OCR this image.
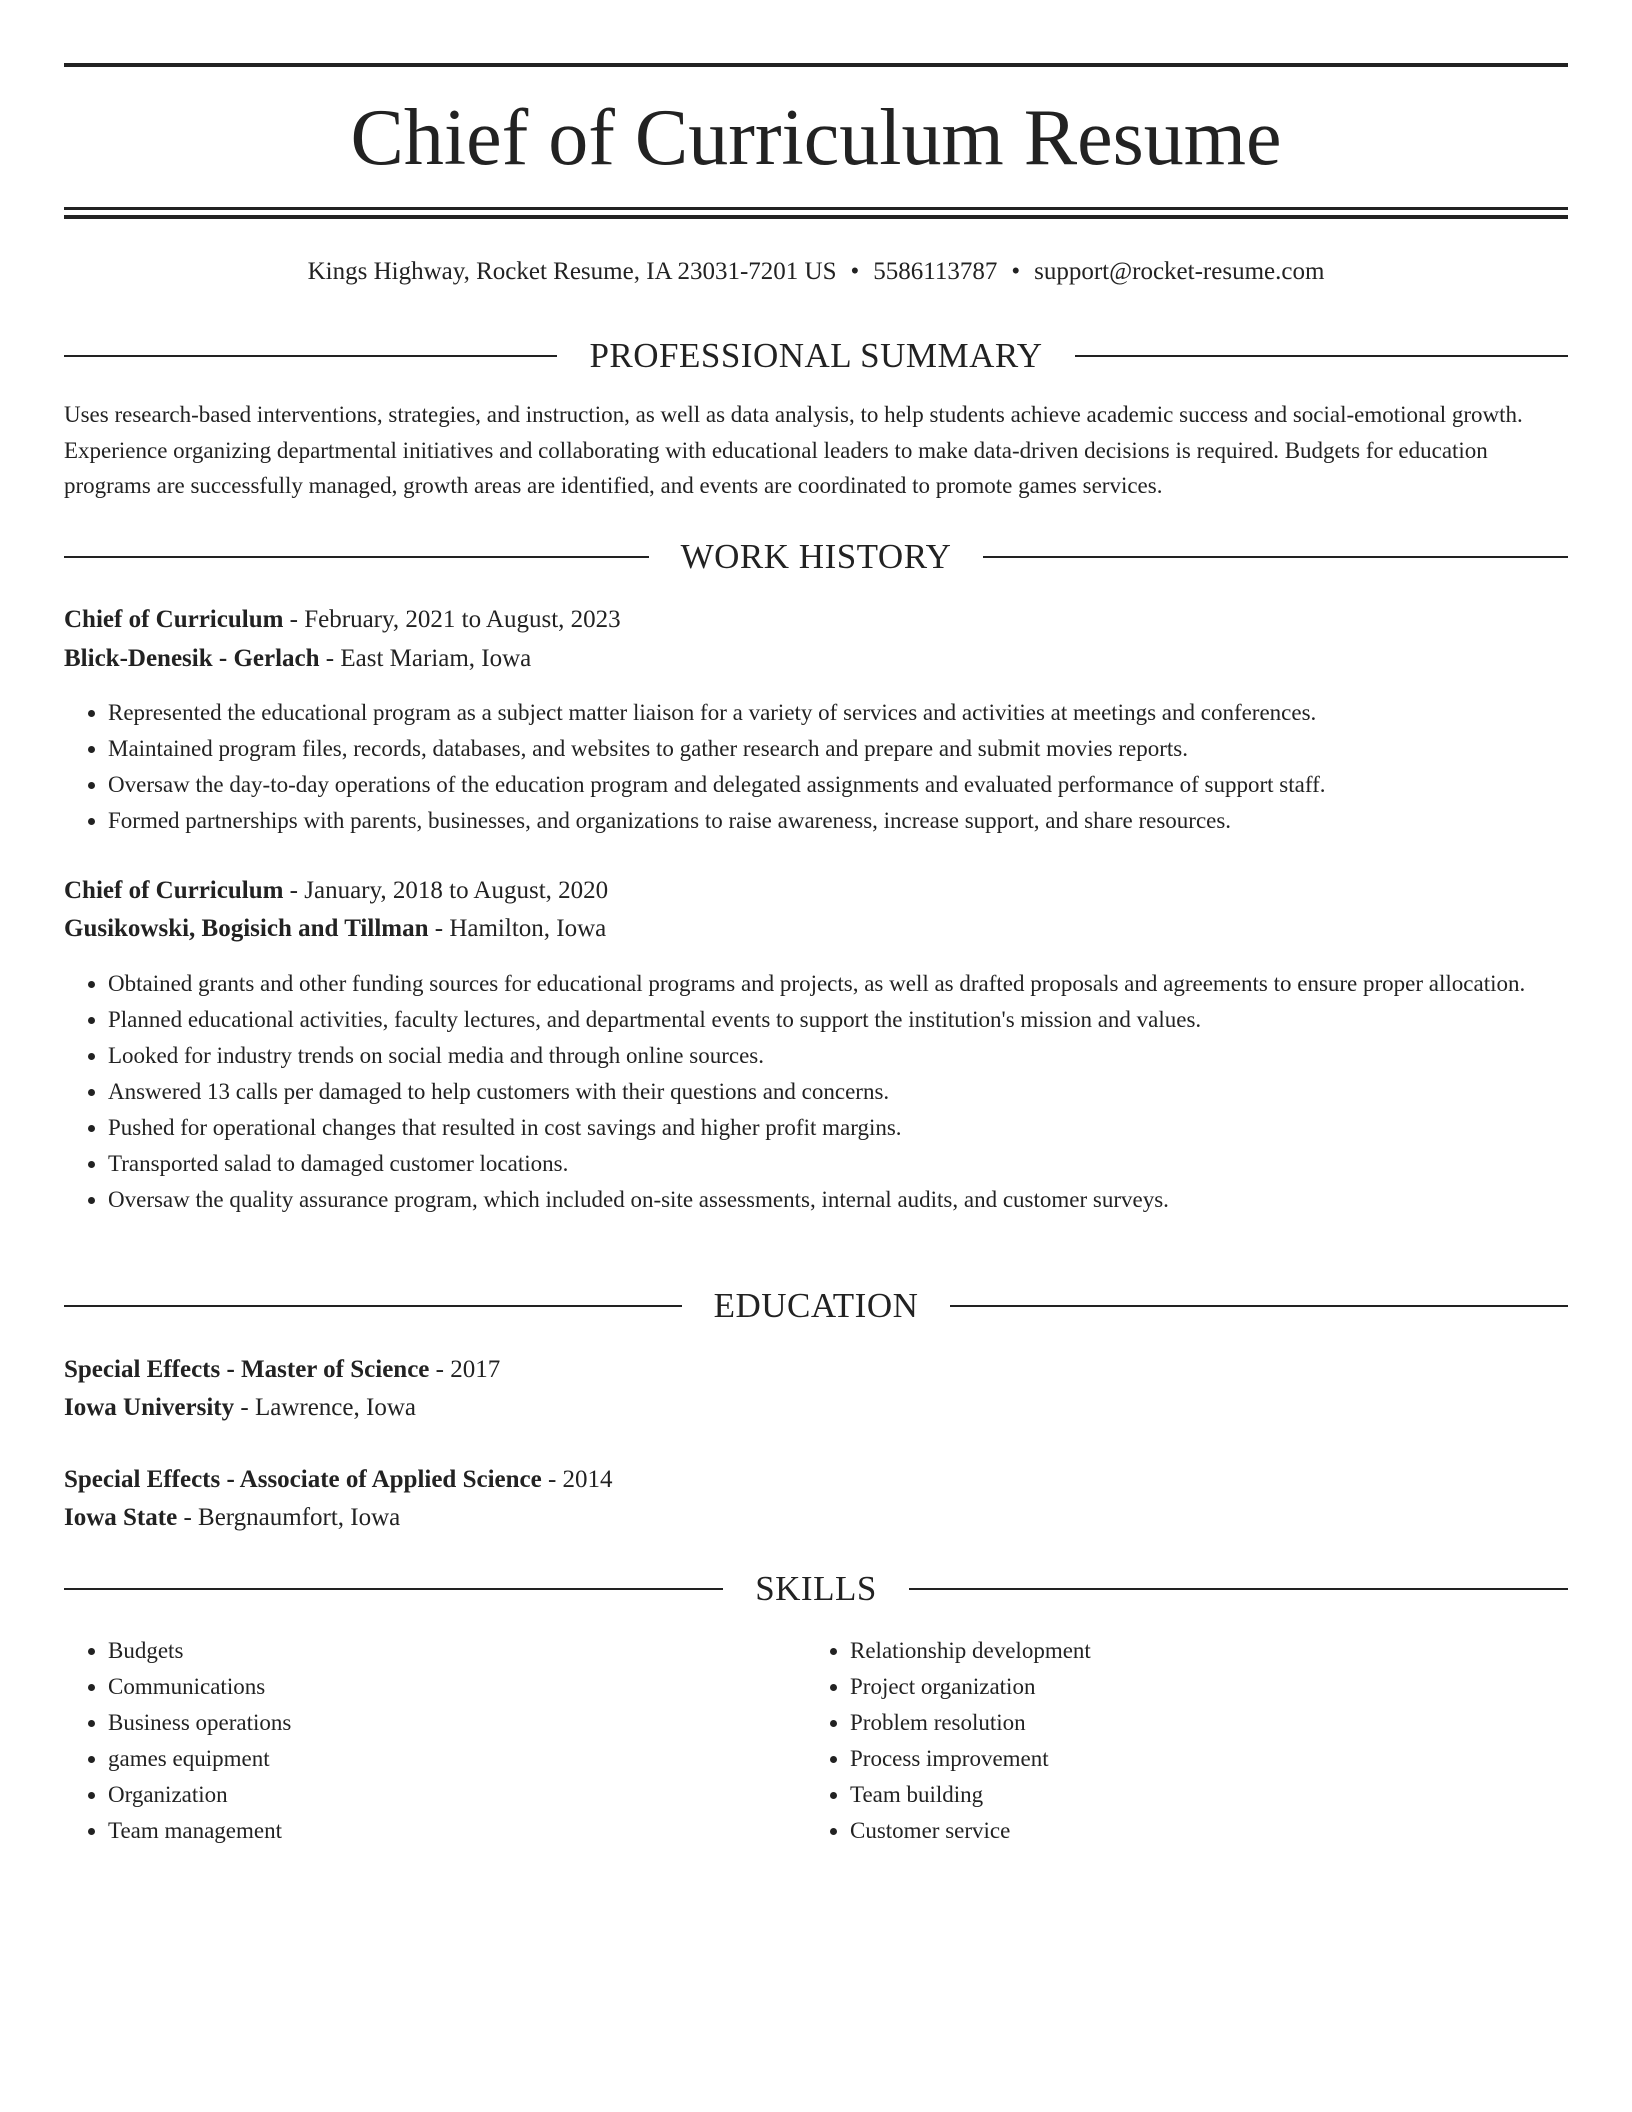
Chief of Curriculum Resume
Kings Highway, Rocket Resume, IA 23031-7201 US • 5586113787 • support@rocket-resume.com
PROFESSIONAL SUMMARY

Uses research-based interventions, strategies, and instruction, as well as data analysis, to help students achieve academic success and social-emotional growth. Experience organizing departmental initiatives and collaborating with educational leaders to make data-driven decisions is required. Budgets for education programs are successfully managed, growth areas are identified, and events are coordinated to promote games services.

WORK HISTORY
Chief of Curriculum - February, 2021 to August, 2023
Blick-Denesik - Gerlach - East Mariam, Iowa
• Represented the educational program as a subject matter liaison for a variety of services and activities at meetings and conferences.
• Maintained program files, records, databases, and websites to gather research and prepare and submit movies reports.
• Oversaw the day-to-day operations of the education program and delegated assignments and evaluated performance of support staff.
• Formed partnerships with parents, businesses, and organizations to raise awareness, increase support, and share resources.
Chief of Curriculum - January, 2018 to August, 2020
Gusikowski, Bogisich and Tillman - Hamilton, Iowa
• Obtained grants and other funding sources for educational programs and projects, as well as drafted proposals and agreements to ensure proper allocation.
• Planned educational activities, faculty lectures, and departmental events to support the institution's mission and values.
• Looked for industry trends on social media and through online sources.
• Answered 13 calls per damaged to help customers with their questions and concerns.
• Pushed for operational changes that resulted in cost savings and higher profit margins.
• Transported salad to damaged customer locations.
• Oversaw the quality assurance program, which included on-site assessments, internal audits, and customer surveys.
EDUCATION
Special Effects - Master of Science - 2017
Iowa University - Lawrence, Iowa
Special Effects - Associate of Applied Science - 2014
Iowa State - Bergnaumfort, Iowa
SKILLS
• Budgets
• Communications
• Business operations
• games equipment
• Organization
• Team management
• Relationship development
• Project organization
• Problem resolution
• Process improvement
• Team building
• Customer service
